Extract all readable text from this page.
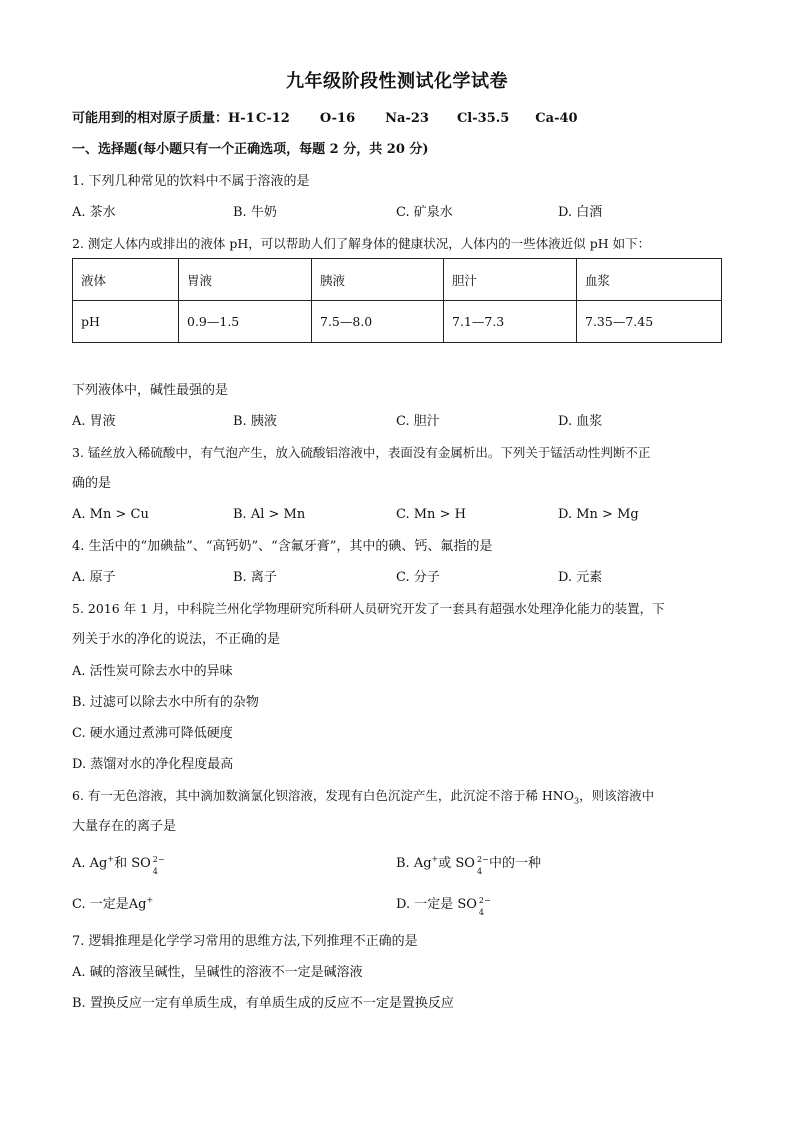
九年级阶段性测试化学试卷
可能用到的相对原子质量：H-1C-12 O-16 Na-23 Cl-35.5 Ca-40
一、选择题(每小题只有一个正确选项，每题 2 分，共 20 分)
1. 下列几种常见的饮料中不属于溶液的是
A. 茶水	B. 牛奶	C. 矿泉水	D. 白酒
2. 测定人体内或排出的液体 pH，可以帮助人们了解身体的健康状况，人体内的一些体液近似 pH 如下：
液体	胃液	胰液	胆汁	血浆
pH	0.9—1.5	7.5—8.0	7.1—7.3	7.35—7.45
下列液体中，碱性最强的是
A. 胃液	B. 胰液	C. 胆汁	D. 血浆
3. 锰丝放入稀硫酸中，有气泡产生，放入硫酸铝溶液中，表面没有金属析出。下列关于锰活动性判断不正
确的是
A. Mn > Cu	B. Al > Mn	C. Mn > H	D. Mn > Mg
4. 生活中的“加碘盐”、“高钙奶”、“含氟牙膏”，其中的碘、钙、氟指的是
A. 原子	B. 离子	C. 分子	D. 元素
5. 2016 年 1 月，中科院兰州化学物理研究所科研人员研究开发了一套具有超强水处理净化能力的装置，下
列关于水的净化的说法，不正确的是
A. 活性炭可除去水中的异味
B. 过滤可以除去水中所有的杂物
C. 硬水通过煮沸可降低硬度
D. 蒸馏对水的净化程度最高
6. 有一无色溶液，其中滴加数滴氯化钡溶液，发现有白色沉淀产生，此沉淀不溶于稀 $HNO_3$，则该溶液中
大量存在的离子是
A. Ag+和 SO 2−
4
B. Ag+或 SO 2−
4
中的一种
C. 一定是Ag+	D. 一定是 SO 2−
4
7. 逻辑推理是化学学习常用的思维方法,下列推理不正确的是
A. 碱的溶液呈碱性，呈碱性的溶液不一定是碱溶液
B. 置换反应一定有单质生成，有单质生成的反应不一定是置换反应
